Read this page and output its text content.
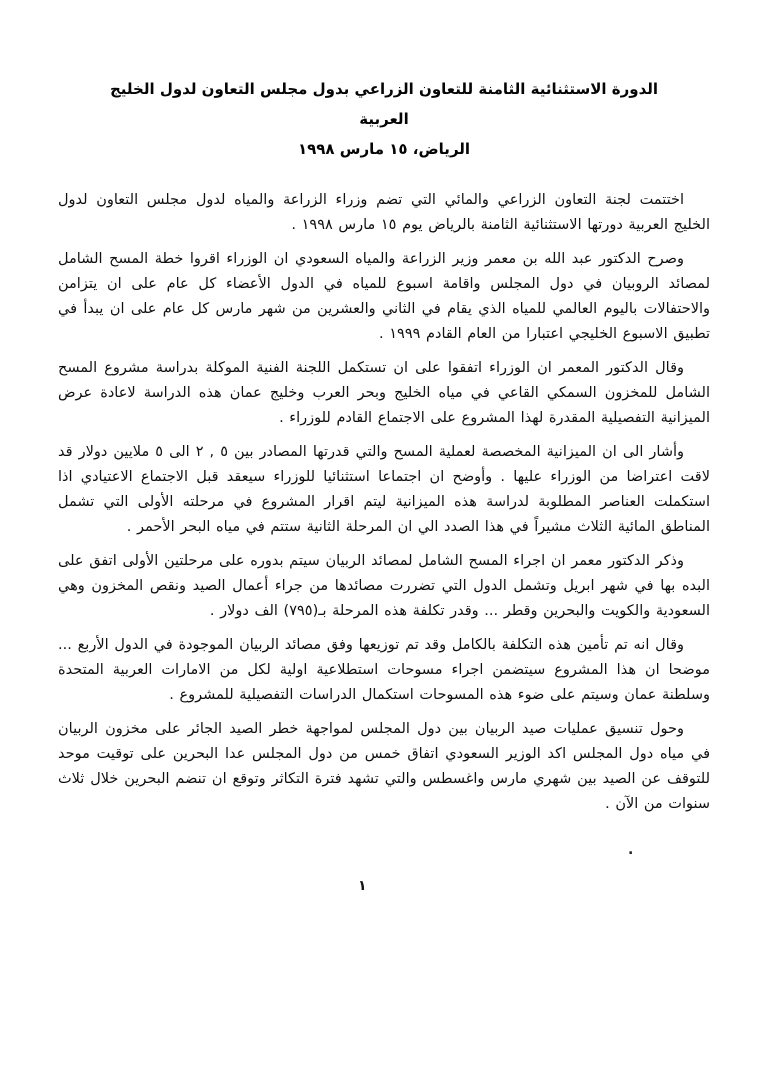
الدورة الاستثنائية الثامنة للتعاون الزراعي بدول مجلس التعاون لدول الخليج العربية
الرياض، ١٥ مارس ١٩٩٨

اختتمت لجنة التعاون الزراعي والمائي التي تضم وزراء الزراعة والمياه لدول مجلس التعاون لدول الخليج العربية دورتها الاستثنائية الثامنة بالرياض يوم ١٥ مارس ١٩٩٨ .

وصرح الدكتور عبد الله بن معمر وزير الزراعة والمياه السعودي ان الوزراء اقروا خطة المسح الشامل لمصائد الروبيان في دول المجلس واقامة اسبوع للمياه في الدول الأعضاء كل عام على ان يتزامن والاحتفالات باليوم العالمي للمياه الذي يقام في الثاني والعشرين من شهر مارس كل عام على ان يبدأ في تطبيق الاسبوع الخليجي اعتبارا من العام القادم ١٩٩٩ .

وقال الدكتور المعمر ان الوزراء اتفقوا على ان تستكمل اللجنة الفنية الموكلة بدراسة مشروع المسح الشامل للمخزون السمكي القاعي في مياه الخليج وبحر العرب وخليج عمان هذه الدراسة لاعادة عرض الميزانية التفصيلية المقدرة لهذا المشروع على الاجتماع القادم للوزراء .

وأشار الى ان الميزانية المخصصة لعملية المسح والتي قدرتها المصادر بين ٥ , ٢ الى ٥ ملايين دولار قد لاقت اعتراضا من الوزراء عليها . وأوضح ان اجتماعا استثنائيا للوزراء سيعقد قبل الاجتماع الاعتيادي اذا استكملت العناصر المطلوبة لدراسة هذه الميزانية ليتم اقرار المشروع في مرحلته الأولى التي تشمل المناطق المائية الثلاث مشيراً في هذا الصدد الي ان المرحلة الثانية ستتم في مياه البحر الأحمر .

وذكر الدكتور معمر ان اجراء المسح الشامل لمصائد الربيان سيتم بدوره على مرحلتين الأولى اتفق على البده بها في شهر ابريل وتشمل الدول التي تضررت مصائدها من جراء أعمال الصيد ونقص المخزون وهي السعودية والكويت والبحرين وقطر ... وقدر تكلفة هذه المرحلة بـ(٧٩٥) الف دولار .

وقال انه تم تأمين هذه التكلفة بالكامل وقد تم توزيعها وفق مصائد الربيان الموجودة في الدول الأربع ... موضحا ان هذا المشروع سيتضمن اجراء مسوحات استطلاعية اولية لكل من الامارات العربية المتحدة وسلطنة عمان وسيتم على ضوء هذه المسوحات استكمال الدراسات التفصيلية للمشروع .

وحول تنسيق عمليات صيد الربيان بين دول المجلس لمواجهة خطر الصيد الجائر على مخزون الربيان في مياه دول المجلس اكد الوزير السعودي اتفاق خمس من دول المجلس عدا البحرين على توقيت موحد للتوقف عن الصيد بين شهري مارس واغسطس والتي تشهد فترة التكاثر وتوقع ان تنضم البحرين خلال ثلاث سنوات من الآن .

.
١
